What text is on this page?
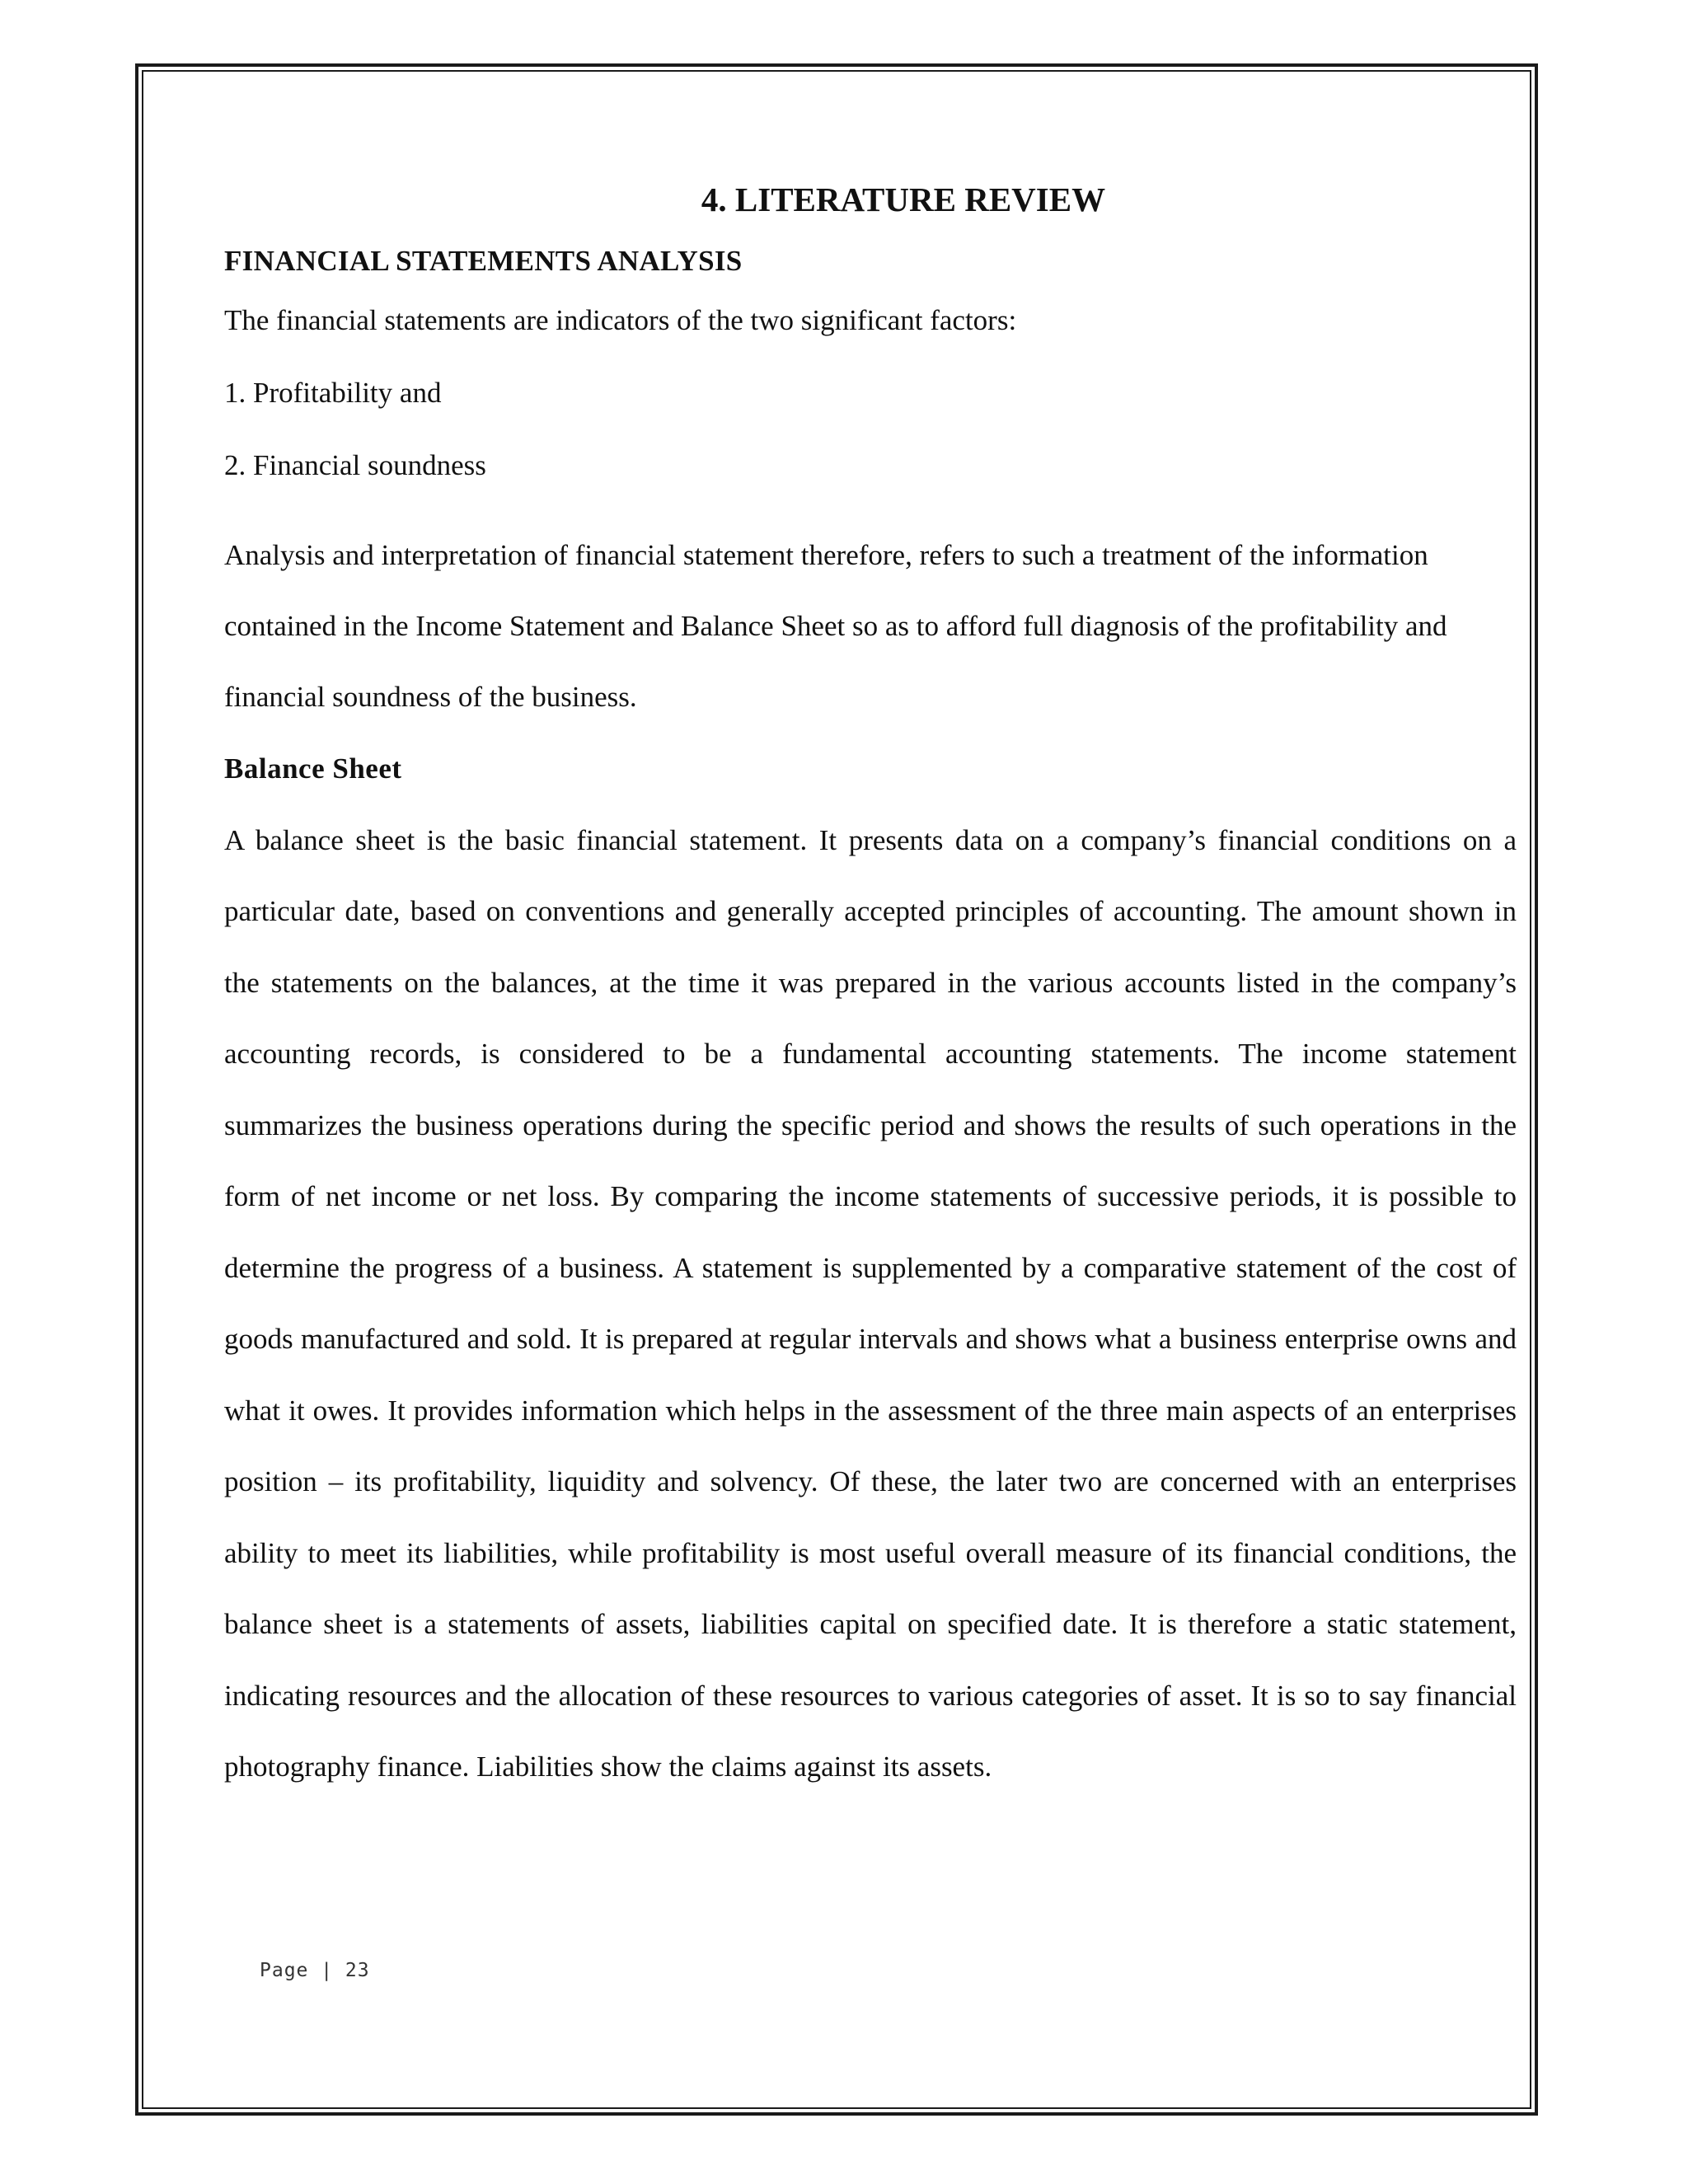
4. LITERATURE REVIEW
FINANCIAL STATEMENTS ANALYSIS

The financial statements are indicators of the two significant factors:

1. Profitability and

2. Financial soundness

Analysis and interpretation of financial statement therefore, refers to such a treatment of the information contained in the Income Statement and Balance Sheet so as to afford full diagnosis of the profitability and financial soundness of the business.

Balance Sheet

A balance sheet is the basic financial statement. It presents data on a company’s financial conditions on a particular date, based on conventions and generally accepted principles of accounting. The amount shown in the statements on the balances, at the time it was prepared in the various accounts listed in the company’s accounting records, is considered to be a fundamental accounting statements. The income statement summarizes the business operations during the specific period and shows the results of such operations in the form of net income or net loss. By comparing the income statements of successive periods, it is possible to determine the progress of a business. A statement is supplemented by a comparative statement of the cost of goods manufactured and sold. It is prepared at regular intervals and shows what a business enterprise owns and what it owes. It provides information which helps in the assessment of the three main aspects of an enterprises position – its profitability, liquidity and solvency. Of these, the later two are concerned with an enterprises ability to meet its liabilities, while profitability is most useful overall measure of its financial conditions, the balance sheet is a statements of assets, liabilities capital on specified date. It is therefore a static statement, indicating resources and the allocation of these resources to various categories of asset. It is so to say financial photography finance. Liabilities show the claims against its assets.

Page | 23
